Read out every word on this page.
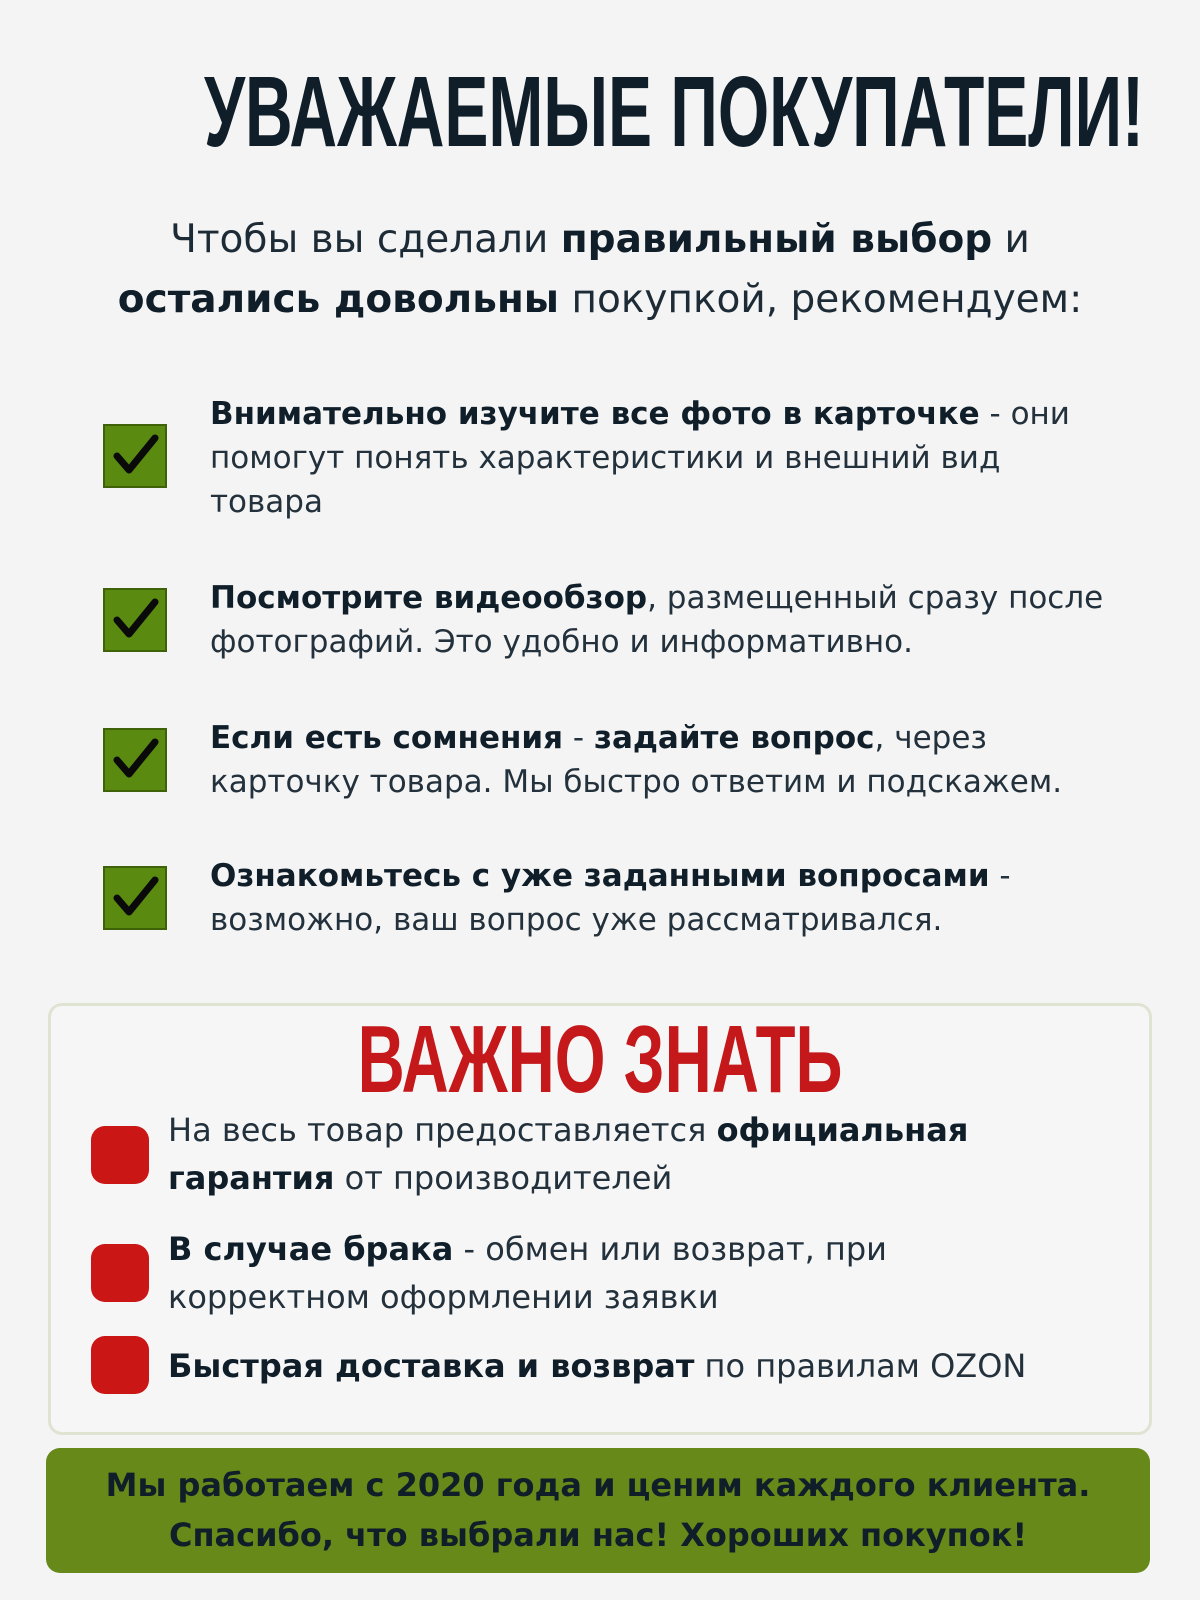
УВАЖАЕМЫЕ ПОКУПАТЕЛИ!
Чтобы вы сделали правильный выбор и
остались довольны покупкой, рекомендуем:
Внимательно изучите все фото в карточке - они помогут понять характеристики и внешний вид товара
Посмотрите видеообзор, размещенный сразу после фотографий. Это удобно и информативно.
Если есть сомнения - задайте вопрос, через карточку товара. Мы быстро ответим и подскажем.
Ознакомьтесь с уже заданными вопросами - возможно, ваш вопрос уже рассматривался.
ВАЖНО ЗНАТЬ
На весь товар предоставляется официальная гарантия от производителей
В случае брака - обмен или возврат, при корректном оформлении заявки
Быстрая доставка и возврат по правилам OZON
Мы работаем с 2020 года и ценим каждого клиента.
Спасибо, что выбрали нас! Хороших покупок!
